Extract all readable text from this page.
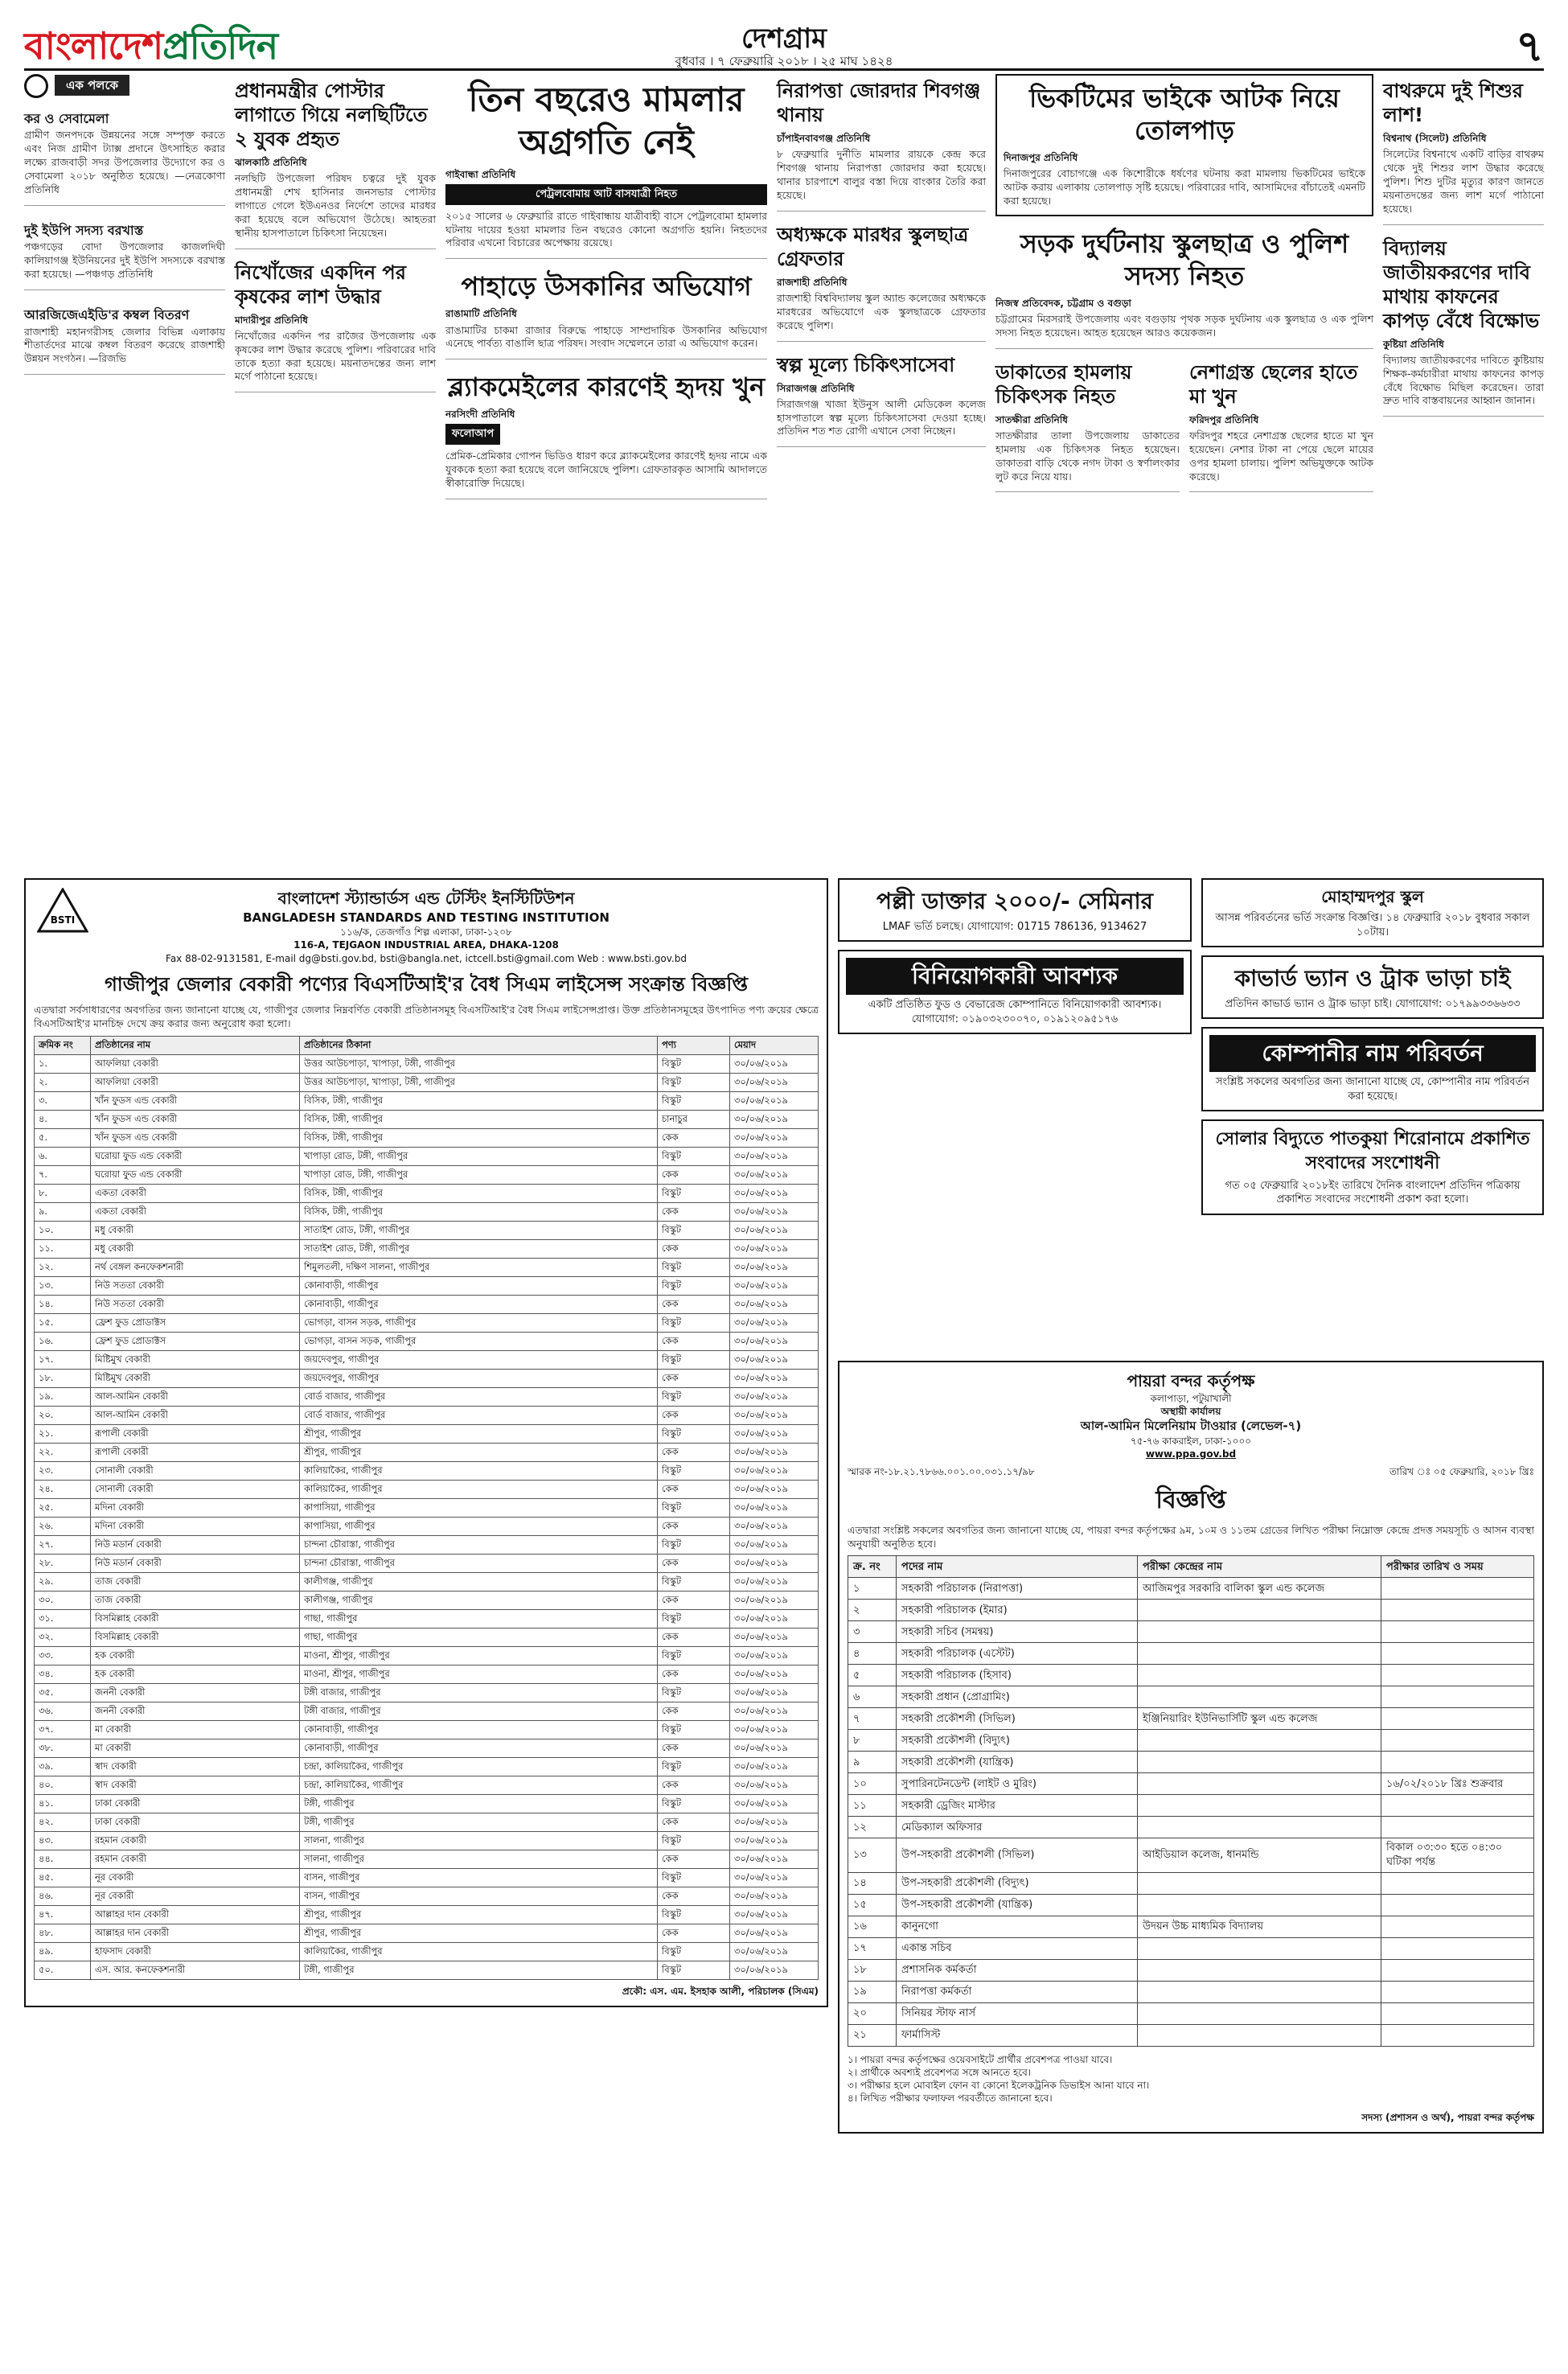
বাংলাদেশপ্রতিদিন	দেশগ্রাম
বুধবার । ৭ ফেব্রুয়ারি ২০১৮ । ২৫ মাঘ ১৪২৪	৭
এক পলকে
কর ও সেবামেলা
গ্রামীণ জনপদকে উন্নয়নের সঙ্গে সম্পৃক্ত করতে এবং নিজ গ্রামীণ ট্যাক্স প্রদানে উৎসাহিত করার লক্ষ্যে রাজবাড়ী সদর উপজেলার উদ্যোগে কর ও সেবামেলা ২০১৮ অনুষ্ঠিত হয়েছে। —নেত্রকোণা প্রতিনিধি
দুই ইউপি সদস্য বরখাস্ত
পঞ্চগড়ের বোদা উপজেলার কাজলদিঘী কালিয়াগঞ্জ ইউনিয়নের দুই ইউপি সদস্যকে বরখাস্ত করা হয়েছে। —পঞ্চগড় প্রতিনিধি
আরজিজেএইডি'র কম্বল বিতরণ
রাজশাহী মহানগরীসহ জেলার বিভিন্ন এলাকায় শীতার্তদের মাঝে কম্বল বিতরণ করেছে রাজশাহী উন্নয়ন সংগঠন। —রিজভি
প্রধানমন্ত্রীর পোস্টার লাগাতে গিয়ে নলছিটিতে ২ যুবক প্রহৃত
ঝালকাঠি প্রতিনিধি
নলছিটি উপজেলা পরিষদ চত্বরে দুই যুবক প্রধানমন্ত্রী শেখ হাসিনার জনসভার পোস্টার লাগাতে গেলে ইউএনওর নির্দেশে তাদের মারধর করা হয়েছে বলে অভিযোগ উঠেছে। আহতরা স্থানীয় হাসপাতালে চিকিৎসা নিয়েছেন।
নিখোঁজের একদিন পর কৃষকের লাশ উদ্ধার
মাদারীপুর প্রতিনিধি
নিখোঁজের একদিন পর রাজৈর উপজেলায় এক কৃষকের লাশ উদ্ধার করেছে পুলিশ। পরিবারের দাবি তাকে হত্যা করা হয়েছে। ময়নাতদন্তের জন্য লাশ মর্গে পাঠানো হয়েছে।
তিন বছরেও মামলার অগ্রগতি নেই
গাইবান্ধা প্রতিনিধি
পেট্রলবোমায় আট বাসযাত্রী নিহত
২০১৫ সালের ৬ ফেব্রুয়ারি রাতে গাইবান্ধায় যাত্রীবাহী বাসে পেট্রলবোমা হামলার ঘটনায় দায়ের হওয়া মামলার তিন বছরেও কোনো অগ্রগতি হয়নি। নিহতদের পরিবার এখনো বিচারের অপেক্ষায় রয়েছে।
পাহাড়ে উসকানির অভিযোগ
রাঙামাটি প্রতিনিধি
রাঙামাটির চাকমা রাজার বিরুদ্ধে পাহাড়ে সাম্প্রদায়িক উসকানির অভিযোগ এনেছে পার্বত্য বাঙালি ছাত্র পরিষদ। সংবাদ সম্মেলনে তারা এ অভিযোগ করেন।
ব্ল্যাকমেইলের কারণেই হৃদয় খুন
নরসিংদী প্রতিনিধি
ফলোআপ
প্রেমিক-প্রেমিকার গোপন ভিডিও ধারণ করে ব্ল্যাকমেইলের কারণেই হৃদয় নামে এক যুবককে হত্যা করা হয়েছে বলে জানিয়েছে পুলিশ। গ্রেফতারকৃত আসামি আদালতে স্বীকারোক্তি দিয়েছে।
নিরাপত্তা জোরদার শিবগঞ্জ থানায়
চাঁপাইনবাবগঞ্জ প্রতিনিধি
৮ ফেব্রুয়ারি দুর্নীতি মামলার রায়কে কেন্দ্র করে শিবগঞ্জ থানায় নিরাপত্তা জোরদার করা হয়েছে। থানার চারপাশে বালুর বস্তা দিয়ে বাংকার তৈরি করা হয়েছে।
অধ্যক্ষকে মারধর স্কুলছাত্র গ্রেফতার
রাজশাহী প্রতিনিধি
রাজশাহী বিশ্ববিদ্যালয় স্কুল অ্যান্ড কলেজের অধ্যক্ষকে মারধরের অভিযোগে এক স্কুলছাত্রকে গ্রেফতার করেছে পুলিশ।
স্বল্প মূল্যে চিকিৎসাসেবা
সিরাজগঞ্জ প্রতিনিধি
সিরাজগঞ্জ খাজা ইউনুস আলী মেডিকেল কলেজ হাসপাতালে স্বল্প মূল্যে চিকিৎসাসেবা দেওয়া হচ্ছে। প্রতিদিন শত শত রোগী এখানে সেবা নিচ্ছেন।
ভিকটিমের ভাইকে আটক নিয়ে তোলপাড়
দিনাজপুর প্রতিনিধি
দিনাজপুরের বোচাগঞ্জে এক কিশোরীকে ধর্ষণের ঘটনায় করা মামলায় ভিকটিমের ভাইকে আটক করায় এলাকায় তোলপাড় সৃষ্টি হয়েছে। পরিবারের দাবি, আসামিদের বাঁচাতেই এমনটি করা হয়েছে।
সড়ক দুর্ঘটনায় স্কুলছাত্র ও পুলিশ সদস্য নিহত
নিজস্ব প্রতিবেদক, চট্টগ্রাম ও বগুড়া
চট্টগ্রামের মিরসরাই উপজেলায় এবং বগুড়ায় পৃথক সড়ক দুর্ঘটনায় এক স্কুলছাত্র ও এক পুলিশ সদস্য নিহত হয়েছেন। আহত হয়েছেন আরও কয়েকজন।
ডাকাতের হামলায় চিকিৎসক নিহত
সাতক্ষীরা প্রতিনিধি
সাতক্ষীরার তালা উপজেলায় ডাকাতের হামলায় এক চিকিৎসক নিহত হয়েছেন। ডাকাতরা বাড়ি থেকে নগদ টাকা ও স্বর্ণালংকার লুট করে নিয়ে যায়।
নেশাগ্রস্ত ছেলের হাতে মা খুন
ফরিদপুর প্রতিনিধি
ফরিদপুর শহরে নেশাগ্রস্ত ছেলের হাতে মা খুন হয়েছেন। নেশার টাকা না পেয়ে ছেলে মায়ের ওপর হামলা চালায়। পুলিশ অভিযুক্তকে আটক করেছে।
বাথরুমে দুই শিশুর লাশ!
বিশ্বনাথ (সিলেট) প্রতিনিধি
সিলেটের বিশ্বনাথে একটি বাড়ির বাথরুম থেকে দুই শিশুর লাশ উদ্ধার করেছে পুলিশ। শিশু দুটির মৃত্যুর কারণ জানতে ময়নাতদন্তের জন্য লাশ মর্গে পাঠানো হয়েছে।
বিদ্যালয় জাতীয়করণের দাবি মাথায় কাফনের কাপড় বেঁধে বিক্ষোভ
কুষ্টিয়া প্রতিনিধি
বিদ্যালয় জাতীয়করণের দাবিতে কুষ্টিয়ায় শিক্ষক-কর্মচারীরা মাথায় কাফনের কাপড় বেঁধে বিক্ষোভ মিছিল করেছেন। তারা দ্রুত দাবি বাস্তবায়নের আহ্বান জানান।
BSTI
বাংলাদেশ স্ট্যান্ডার্ডস এন্ড টেস্টিং ইনস্টিটিউশন
BANGLADESH STANDARDS AND TESTING INSTITUTION
১১৬/ক, তেজগাঁও শিল্প এলাকা, ঢাকা-১২০৮
116-A, TEJGAON INDUSTRIAL AREA, DHAKA-1208
Fax 88-02-9131581, E-mail dg@bsti.gov.bd, bsti@bangla.net, ictcell.bsti@gmail.com Web : www.bsti.gov.bd
গাজীপুর জেলার বেকারী পণ্যের বিএসটিআই'র বৈধ সিএম লাইসেন্স সংক্রান্ত বিজ্ঞপ্তি
এতদ্বারা সর্বসাধারণের অবগতির জন্য জানানো যাচ্ছে যে, গাজীপুর জেলার নিম্নবর্ণিত বেকারী প্রতিষ্ঠানসমূহ বিএসটিআই'র বৈধ সিএম লাইসেন্সপ্রাপ্ত। উক্ত প্রতিষ্ঠানসমূহের উৎপাদিত পণ্য ক্রয়ের ক্ষেত্রে বিএসটিআই'র মানচিহ্ন দেখে ক্রয় করার জন্য অনুরোধ করা হলো।
ক্রমিক নং	প্রতিষ্ঠানের নাম	প্রতিষ্ঠানের ঠিকানা	পণ্য	মেয়াদ
১.	আফলিয়া বেকারী	উত্তর আউচপাড়া, খাপাড়া, টঙ্গী, গাজীপুর	বিস্কুট	৩০/০৬/২০১৯
২.	আফলিয়া বেকারী	উত্তর আউচপাড়া, খাপাড়া, টঙ্গী, গাজীপুর	বিস্কুট	৩০/০৬/২০১৯
৩.	খাঁন ফুডস এন্ড বেকারী	বিসিক, টঙ্গী, গাজীপুর	বিস্কুট	৩০/০৬/২০১৯
৪.	খাঁন ফুডস এন্ড বেকারী	বিসিক, টঙ্গী, গাজীপুর	চানাচুর	৩০/০৬/২০১৯
৫.	খাঁন ফুডস এন্ড বেকারী	বিসিক, টঙ্গী, গাজীপুর	কেক	৩০/০৬/২০১৯
৬.	ঘরোয়া ফুড এন্ড বেকারী	খাপাড়া রোড, টঙ্গী, গাজীপুর	বিস্কুট	৩০/০৬/২০১৯
৭.	ঘরোয়া ফুড এন্ড বেকারী	খাপাড়া রোড, টঙ্গী, গাজীপুর	কেক	৩০/০৬/২০১৯
৮.	একতা বেকারী	বিসিক, টঙ্গী, গাজীপুর	বিস্কুট	৩০/০৬/২০১৯
৯.	একতা বেকারী	বিসিক, টঙ্গী, গাজীপুর	কেক	৩০/০৬/২০১৯
১০.	মধু বেকারী	সাতাইশ রোড, টঙ্গী, গাজীপুর	বিস্কুট	৩০/০৬/২০১৯
১১.	মধু বেকারী	সাতাইশ রোড, টঙ্গী, গাজীপুর	কেক	৩০/০৬/২০১৯
১২.	নর্থ বেঙ্গল কনফেকশনারী	শিমুলতলী, দক্ষিণ সালনা, গাজীপুর	বিস্কুট	৩০/০৬/২০১৯
১৩.	নিউ সততা বেকারী	কোনাবাড়ী, গাজীপুর	বিস্কুট	৩০/০৬/২০১৯
১৪.	নিউ সততা বেকারী	কোনাবাড়ী, গাজীপুর	কেক	৩০/০৬/২০১৯
১৫.	ফ্রেশ ফুড প্রোডাক্টস	ভোগড়া, বাসন সড়ক, গাজীপুর	বিস্কুট	৩০/০৬/২০১৯
১৬.	ফ্রেশ ফুড প্রোডাক্টস	ভোগড়া, বাসন সড়ক, গাজীপুর	কেক	৩০/০৬/২০১৯
১৭.	মিষ্টিমুখ বেকারী	জয়দেবপুর, গাজীপুর	বিস্কুট	৩০/০৬/২০১৯
১৮.	মিষ্টিমুখ বেকারী	জয়দেবপুর, গাজীপুর	কেক	৩০/০৬/২০১৯
১৯.	আল-আমিন বেকারী	বোর্ড বাজার, গাজীপুর	বিস্কুট	৩০/০৬/২০১৯
২০.	আল-আমিন বেকারী	বোর্ড বাজার, গাজীপুর	কেক	৩০/০৬/২০১৯
২১.	রূপালী বেকারী	শ্রীপুর, গাজীপুর	বিস্কুট	৩০/০৬/২০১৯
২২.	রূপালী বেকারী	শ্রীপুর, গাজীপুর	কেক	৩০/০৬/২০১৯
২৩.	সোনালী বেকারী	কালিয়াকৈর, গাজীপুর	বিস্কুট	৩০/০৬/২০১৯
২৪.	সোনালী বেকারী	কালিয়াকৈর, গাজীপুর	কেক	৩০/০৬/২০১৯
২৫.	মদিনা বেকারী	কাপাসিয়া, গাজীপুর	বিস্কুট	৩০/০৬/২০১৯
২৬.	মদিনা বেকারী	কাপাসিয়া, গাজীপুর	কেক	৩০/০৬/২০১৯
২৭.	নিউ মডার্ন বেকারী	চান্দনা চৌরাস্তা, গাজীপুর	বিস্কুট	৩০/০৬/২০১৯
২৮.	নিউ মডার্ন বেকারী	চান্দনা চৌরাস্তা, গাজীপুর	কেক	৩০/০৬/২০১৯
২৯.	তাজ বেকারী	কালীগঞ্জ, গাজীপুর	বিস্কুট	৩০/০৬/২০১৯
৩০.	তাজ বেকারী	কালীগঞ্জ, গাজীপুর	কেক	৩০/০৬/২০১৯
৩১.	বিসমিল্লাহ বেকারী	গাছা, গাজীপুর	বিস্কুট	৩০/০৬/২০১৯
৩২.	বিসমিল্লাহ বেকারী	গাছা, গাজীপুর	কেক	৩০/০৬/২০১৯
৩৩.	হক বেকারী	মাওনা, শ্রীপুর, গাজীপুর	বিস্কুট	৩০/০৬/২০১৯
৩৪.	হক বেকারী	মাওনা, শ্রীপুর, গাজীপুর	কেক	৩০/০৬/২০১৯
৩৫.	জননী বেকারী	টঙ্গী বাজার, গাজীপুর	বিস্কুট	৩০/০৬/২০১৯
৩৬.	জননী বেকারী	টঙ্গী বাজার, গাজীপুর	কেক	৩০/০৬/২০১৯
৩৭.	মা বেকারী	কোনাবাড়ী, গাজীপুর	বিস্কুট	৩০/০৬/২০১৯
৩৮.	মা বেকারী	কোনাবাড়ী, গাজীপুর	কেক	৩০/০৬/২০১৯
৩৯.	স্বাদ বেকারী	চন্দ্রা, কালিয়াকৈর, গাজীপুর	বিস্কুট	৩০/০৬/২০১৯
৪০.	স্বাদ বেকারী	চন্দ্রা, কালিয়াকৈর, গাজীপুর	কেক	৩০/০৬/২০১৯
৪১.	ঢাকা বেকারী	টঙ্গী, গাজীপুর	বিস্কুট	৩০/০৬/২০১৯
৪২.	ঢাকা বেকারী	টঙ্গী, গাজীপুর	কেক	৩০/০৬/২০১৯
৪৩.	রহমান বেকারী	সালনা, গাজীপুর	বিস্কুট	৩০/০৬/২০১৯
৪৪.	রহমান বেকারী	সালনা, গাজীপুর	কেক	৩০/০৬/২০১৯
৪৫.	নূর বেকারী	বাসন, গাজীপুর	বিস্কুট	৩০/০৬/২০১৯
৪৬.	নূর বেকারী	বাসন, গাজীপুর	কেক	৩০/০৬/২০১৯
৪৭.	আল্লাহর দান বেকারী	শ্রীপুর, গাজীপুর	বিস্কুট	৩০/০৬/২০১৯
৪৮.	আল্লাহর দান বেকারী	শ্রীপুর, গাজীপুর	কেক	৩০/০৬/২০১৯
৪৯.	হাফসাদ বেকারী	কালিয়াকৈর, গাজীপুর	বিস্কুট	৩০/০৬/২০১৯
৫০.	এস. আর. কনফেকশনারী	টঙ্গী, গাজীপুর	বিস্কুট	৩০/০৬/২০১৯
প্রকৌ: এস. এম. ইসহাক আলী, পরিচালক (সিএম)
পল্লী ডাক্তার ২০০০/- সেমিনার
LMAF ভর্তি চলছে। যোগাযোগ: 01715 786136, 9134627
বিনিয়োগকারী আবশ্যক
একটি প্রতিষ্ঠিত ফুড ও বেভারেজ কোম্পানিতে বিনিয়োগকারী আবশ্যক। যোগাযোগ: ০১৯০৩২৩০০৭০, ০১৯১২০৯৫১৭৬
মোহাম্মদপুর স্কুল
আসন্ন পরিবর্তনের ভর্তি সংক্রান্ত বিজ্ঞপ্তি। ১৪ ফেব্রুয়ারি ২০১৮ বুধবার সকাল ১০টায়।
কাভার্ড ভ্যান ও ট্রাক ভাড়া চাই
প্রতিদিন কাভার্ড ভ্যান ও ট্রাক ভাড়া চাই। যোগাযোগ: ০১৭৯৯৩৩৬৬৩৩
কোম্পানীর নাম পরিবর্তন
সংশ্লিষ্ট সকলের অবগতির জন্য জানানো যাচ্ছে যে, কোম্পানীর নাম পরিবর্তন করা হয়েছে।
সোলার বিদ্যুতে পাতকুয়া শিরোনামে প্রকাশিত সংবাদের সংশোধনী
গত ০৫ ফেব্রুয়ারি ২০১৮ইং তারিখে দৈনিক বাংলাদেশ প্রতিদিন পত্রিকায় প্রকাশিত সংবাদের সংশোধনী প্রকাশ করা হলো।
পায়রা বন্দর কর্তৃপক্ষ
কলাপাড়া, পটুয়াখালী
অস্থায়ী কার্যালয়
আল-আমিন মিলেনিয়াম টাওয়ার (লেভেল-৭)
৭৫-৭৬ কাকরাইল, ঢাকা-১০০০
www.ppa.gov.bd
স্মারক নং-১৮.২১.৭৮৬৬.০০১.০০.০৩১.১৭/৯৮	তারিখ ঃ ০৫ ফেব্রুয়ারি, ২০১৮ খ্রিঃ
বিজ্ঞপ্তি
এতদ্বারা সংশ্লিষ্ট সকলের অবগতির জন্য জানানো যাচ্ছে যে, পায়রা বন্দর কর্তৃপক্ষের ৯ম, ১০ম ও ১১তম গ্রেডের লিখিত পরীক্ষা নিম্নোক্ত কেন্দ্রে প্রদত্ত সময়সূচি ও আসন ব্যবস্থা অনুযায়ী অনুষ্ঠিত হবে।
ক্র. নং	পদের নাম	পরীক্ষা কেন্দ্রের নাম	পরীক্ষার তারিখ ও সময়
১	সহকারী পরিচালক (নিরাপত্তা)	আজিমপুর সরকারি বালিকা স্কুল এন্ড কলেজ	
২	সহকারী পরিচালক (ইমার)		
৩	সহকারী সচিব (সমন্বয়)		
৪	সহকারী পরিচালক (এস্টেট)		
৫	সহকারী পরিচালক (হিসাব)		
৬	সহকারী প্রধান (প্রোগ্রামিং)		
৭	সহকারী প্রকৌশলী (সিভিল)	ইঞ্জিনিয়ারিং ইউনিভার্সিটি স্কুল এন্ড কলেজ	
৮	সহকারী প্রকৌশলী (বিদ্যুৎ)		
৯	সহকারী প্রকৌশলী (যান্ত্রিক)		
১০	সুপারিনটেনডেন্ট (লাইট ও মুরিং)		১৬/০২/২০১৮ খ্রিঃ শুক্রবার
১১	সহকারী ড্রেজিং মাস্টার		
১২	মেডিক্যাল অফিসার		
১৩	উপ-সহকারী প্রকৌশলী (সিভিল)	আইডিয়াল কলেজ, ধানমন্ডি	বিকাল ০৩:৩০ হতে ০৪:৩০ ঘটিকা পর্যন্ত
১৪	উপ-সহকারী প্রকৌশলী (বিদ্যুৎ)		
১৫	উপ-সহকারী প্রকৌশলী (যান্ত্রিক)		
১৬	কানুনগো	উদয়ন উচ্চ মাধ্যমিক বিদ্যালয়	
১৭	একান্ত সচিব		
১৮	প্রশাসনিক কর্মকর্তা		
১৯	নিরাপত্তা কর্মকর্তা		
২০	সিনিয়র স্টাফ নার্স		
২১	ফার্মাসিস্ট		
১। পায়রা বন্দর কর্তৃপক্ষের ওয়েবসাইটে প্রার্থীর প্রবেশপত্র পাওয়া যাবে।
২। প্রার্থীকে অবশ্যই প্রবেশপত্র সঙ্গে আনতে হবে।
৩। পরীক্ষার হলে মোবাইল ফোন বা কোনো ইলেকট্রনিক ডিভাইস আনা যাবে না।
৪। লিখিত পরীক্ষার ফলাফল পরবর্তীতে জানানো হবে।
সদস্য (প্রশাসন ও অর্থ), পায়রা বন্দর কর্তৃপক্ষ
